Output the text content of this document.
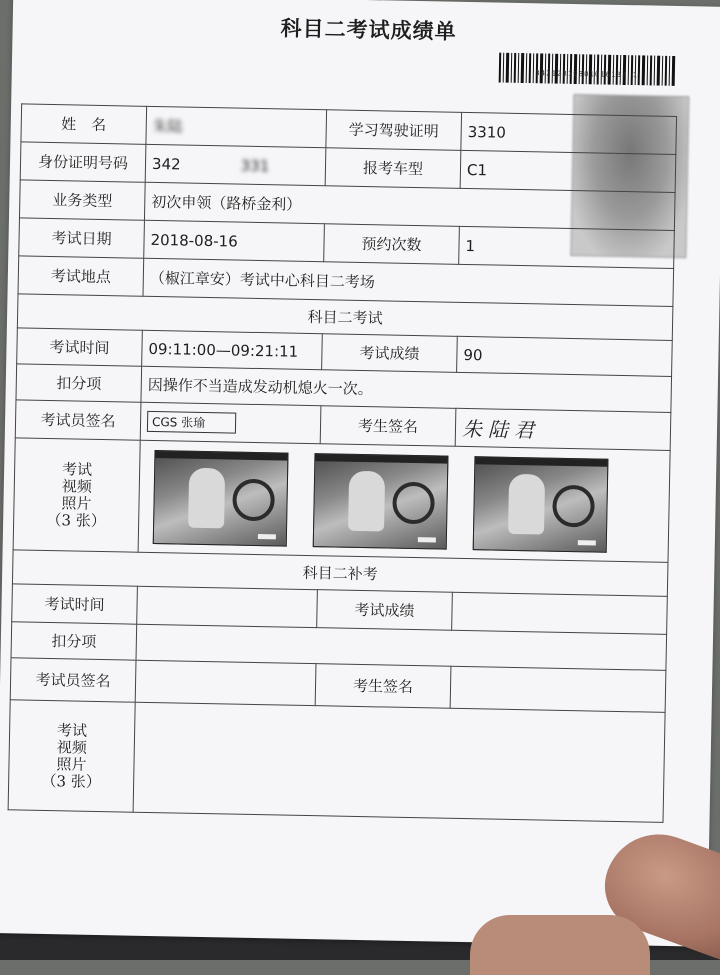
科目二考试成绩单
34212319801016133 1
姓　名	朱陆	学习驾驶证明	3310
身份证明号码	342 331	报考车型	C1
业务类型	初次申领（路桥金利）		
考试日期	2018-08-16	预约次数	1
考试地点	（椒江章安）考试中心科目二考场		
科目二考试			
考试时间	09:11:00—09:21:11	考试成绩	90
扣分项	因操作不当造成发动机熄火一次。		
考试员签名	CGS 张瑜	考生签名	朱陆君

考试
视频
照片
（3 张）			

科目二补考			
考试时间		考试成绩	
扣分项			
考试员签名		考生签名	

考试
视频
照片
（3 张）			
